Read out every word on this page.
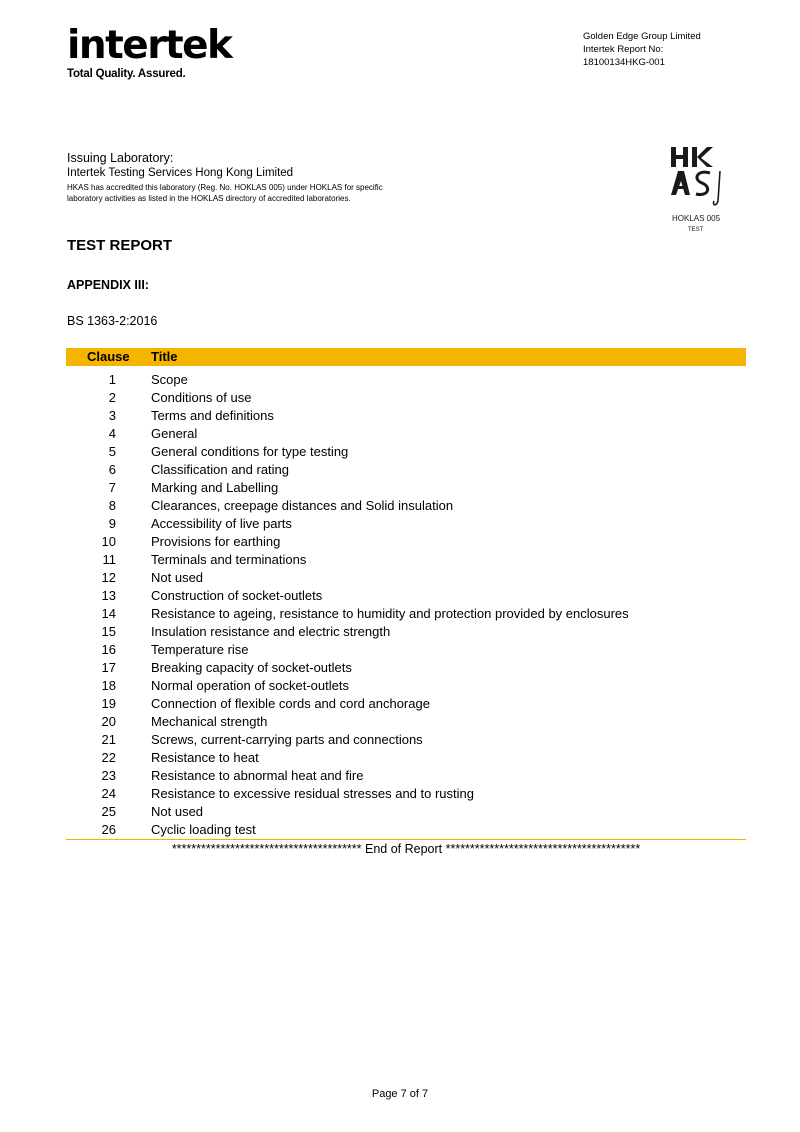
intertek
Total Quality. Assured.
Golden Edge Group Limited
Intertek Report No:
18100134HKG-001
Issuing Laboratory:
Intertek Testing Services Hong Kong Limited
HKAS has accredited this laboratory (Reg. No. HOKLAS 005) under HOKLAS for specific laboratory activities as listed in the HOKLAS directory of accredited laboratories.
HOKLAS 005
TEST
TEST REPORT
APPENDIX III:
BS 1363-2:2016
Clause Title
1	Scope
2	Conditions of use
3	Terms and definitions
4	General
5	General conditions for type testing
6	Classification and rating
7	Marking and Labelling
8	Clearances, creepage distances and Solid insulation
9	Accessibility of live parts
10	Provisions for earthing
11	Terminals and terminations
12	Not used
13	Construction of socket-outlets
14	Resistance to ageing, resistance to humidity and protection provided by enclosures
15	Insulation resistance and electric strength
16	Temperature rise
17	Breaking capacity of socket-outlets
18	Normal operation of socket-outlets
19	Connection of flexible cords and cord anchorage
20	Mechanical strength
21	Screws, current-carrying parts and connections
22	Resistance to heat
23	Resistance to abnormal heat and fire
24	Resistance to excessive residual stresses and to rusting
25	Not used
26	Cyclic loading test
*************************************** End of Report ****************************************
Page 7 of 7
